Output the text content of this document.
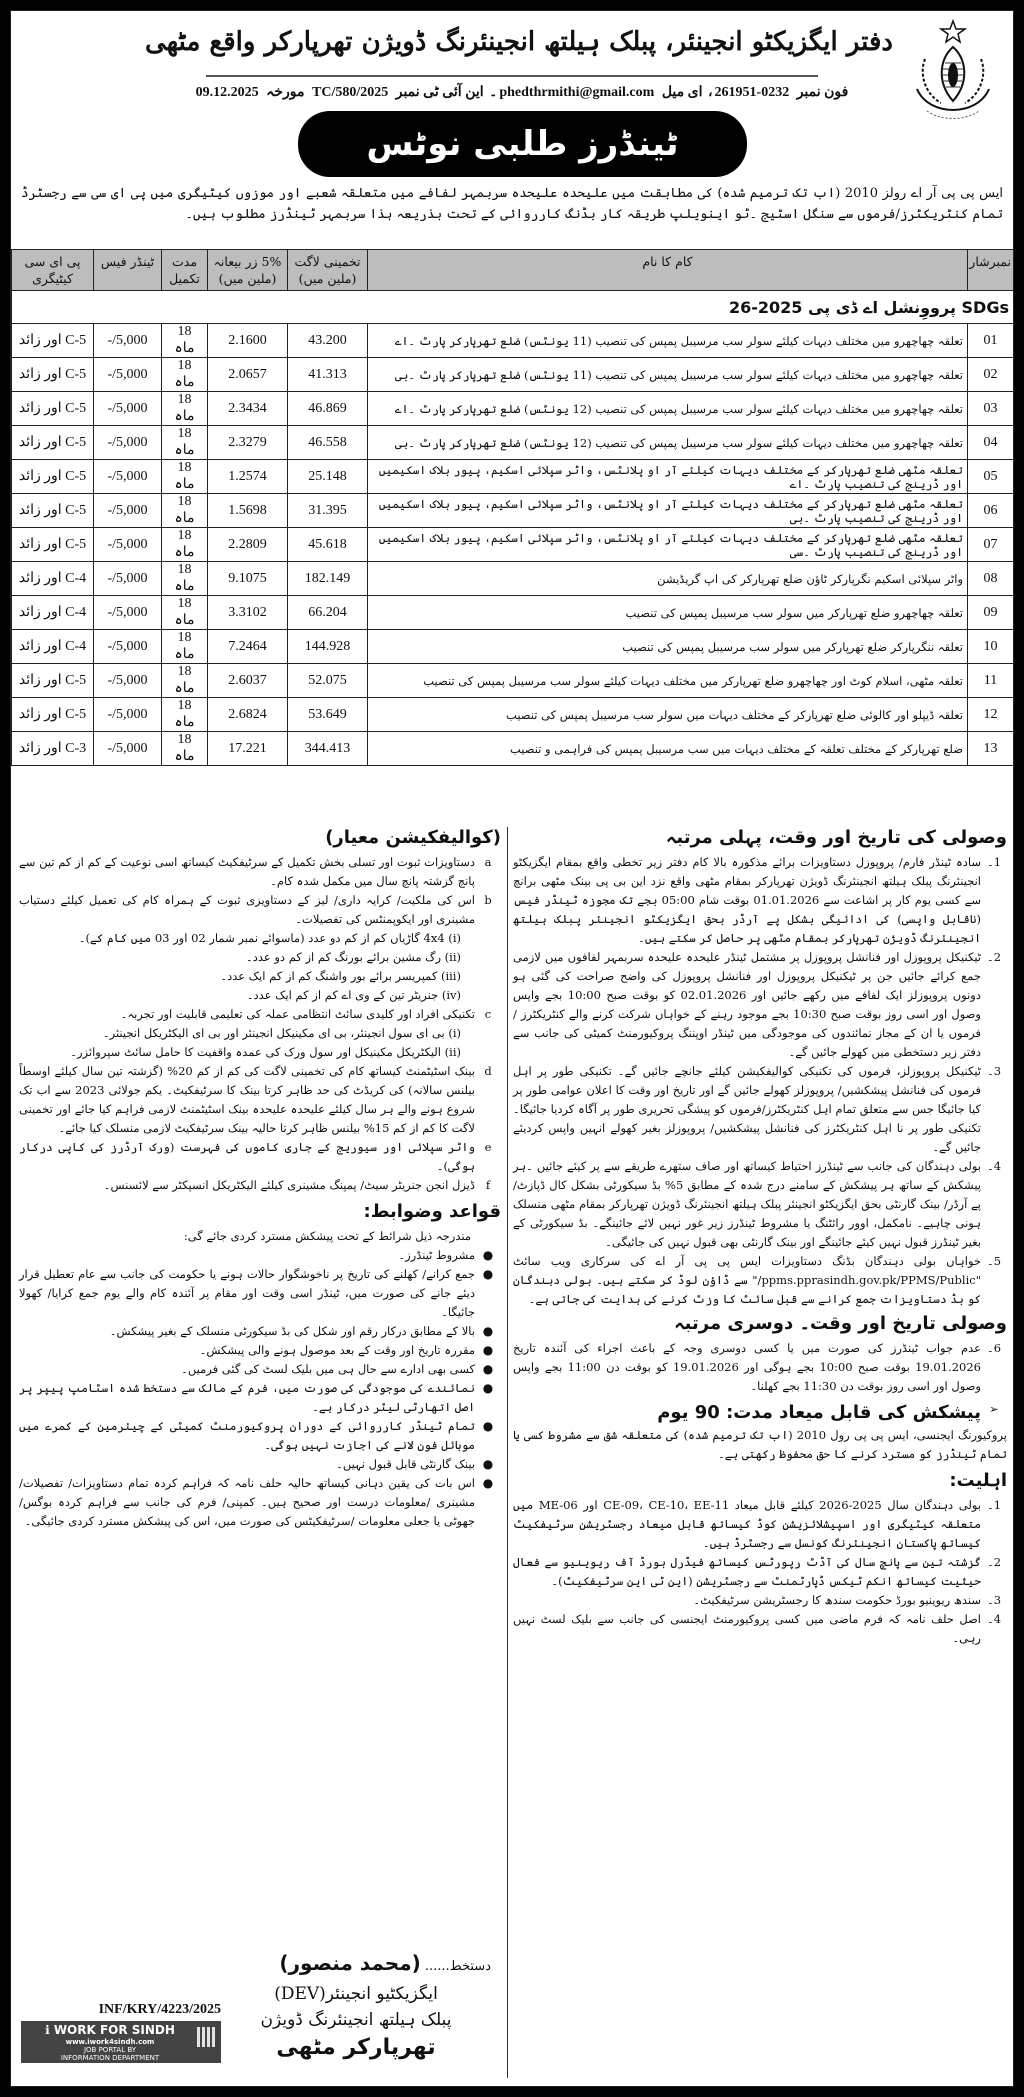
دفتر ایگزیکٹو انجینئر، پبلک ہیلتھ انجینئرنگ ڈویژن تھرپارکر واقع مٹھی
فون نمبر 0232-261951، ای میل phedthrmithi@gmail.com۔ این آئی ٹی نمبر TC/580/2025 مورخہ 09.12.2025
ٹینڈرز طلبی نوٹس
ایس پی پی آر اے رولز 2010 (اب تک ترمیم شدہ) کی مطابقت میں علیحدہ علیحدہ سربمہر لفافے میں متعلقہ شعبے اور موزوں کیٹیگری میں پی ای سی سے رجسٹرڈ تمام کنٹریکٹرز/فرموں سے سنگل اسٹیج ۔ٹو اینویلپ طریقہ کار بڈنگ کارروائی کے تحت بذریعہ ہذا سربمہر ٹینڈرز مطلوب ہیں۔
نمبرشار	کام کا نام	تخمینی لاگت (ملین میں)	5% زر بیعانہ (ملین میں)	مدت تکمیل	ٹینڈر فیس	پی ای سی کیٹیگری
SDGs پرووِنشل اے ڈی پی 2025-26						
01	تعلقہ چھاچھرو میں مختلف دیہات کیلئے سولر سب مرسیبل پمپس کی تنصیب (11 یونٹس) ضلع تھرپارکر پارٹ ۔اے	43.200	2.1600	18 ماہ	5,000/-	C-5 اور زائد
02	تعلقہ چھاچھرو میں مختلف دیہات کیلئے سولر سب مرسیبل پمپس کی تنصیب (11 یونٹس) ضلع تھرپارکر پارٹ ۔بی	41.313	2.0657	18 ماہ	5,000/-	C-5 اور زائد
03	تعلقہ چھاچھرو میں مختلف دیہات کیلئے سولر سب مرسیبل پمپس کی تنصیب (12 یونٹس) ضلع تھرپارکر پارٹ ۔اے	46.869	2.3434	18 ماہ	5,000/-	C-5 اور زائد
04	تعلقہ چھاچھرو میں مختلف دیہات کیلئے سولر سب مرسیبل پمپس کی تنصیب (12 یونٹس) ضلع تھرپارکر پارٹ ۔بی	46.558	2.3279	18 ماہ	5,000/-	C-5 اور زائد
05	تعلقہ مٹھی ضلع تھرپارکر کے مختلف دیہات کیلئے آر او پلانٹس، واٹر سپلائی اسکیم، پیور بلاک اسکیمیں اور ڈرینج کی تنصیب پارٹ ۔اے	25.148	1.2574	18 ماہ	5,000/-	C-5 اور زائد
06	تعلقہ مٹھی ضلع تھرپارکر کے مختلف دیہات کیلئے آر او پلانٹس، واٹر سپلائی اسکیم، پیور بلاک اسکیمیں اور ڈرینج کی تنصیب پارٹ ۔بی	31.395	1.5698	18 ماہ	5,000/-	C-5 اور زائد
07	تعلقہ مٹھی ضلع تھرپارکر کے مختلف دیہات کیلئے آر او پلانٹس، واٹر سپلائی اسکیم، پیور بلاک اسکیمیں اور ڈرینج کی تنصیب پارٹ ۔سی	45.618	2.2809	18 ماہ	5,000/-	C-5 اور زائد
08	واٹر سپلائی اسکیم نگرپارکر ٹاؤن ضلع تھرپارکر کی اپ گریڈیشن	182.149	9.1075	18 ماہ	5,000/-	C-4 اور زائد
09	تعلقہ چھاچھرو ضلع تھرپارکر میں سولر سب مرسیبل پمپس کی تنصیب	66.204	3.3102	18 ماہ	5,000/-	C-4 اور زائد
10	تعلقہ ننگرپارکر ضلع تھرپارکر میں سولر سب مرسیبل پمپس کی تنصیب	144.928	7.2464	18 ماہ	5,000/-	C-4 اور زائد
11	تعلقہ مٹھی، اسلام کوٹ اور چھاچھرو ضلع تھرپارکر میں مختلف دیہات کیلئے سولر سب مرسیبل پمپس کی تنصیب	52.075	2.6037	18 ماہ	5,000/-	C-5 اور زائد
12	تعلقہ ڈیپلو اور کالوئی ضلع تھرپارکر کے مختلف دیہات میں سولر سب مرسیبل پمپس کی تنصیب	53.649	2.6824	18 ماہ	5,000/-	C-5 اور زائد
13	ضلع تھرپارکر کے مختلف تعلقہ کے مختلف دیہات میں سب مرسیبل پمپس کی فراہمی و تنصیب	344.413	17.221	18 ماہ	5,000/-	C-3 اور زائد
وصولی کی تاریخ اور وقت، پہلی مرتبہ
1۔
سادہ ٹینڈر فارم/ پروپوزل دستاویزات برائے مذکورہ بالا کام دفتر زیر تخطی واقع بمقام ایگزیکٹو انجینئرنگ پبلک ہیلتھ انجینئرنگ ڈویژن تھرپارکر بمقام مٹھی واقع نزد این بی پی بینک مٹھی برانچ سے کسی یوم کار پر اشاعت سے 01.01.2026 بوقت شام 05:00 بجے تک مجوزہ ٹینڈر فیس (ناقابل واپسی) کی ادائیگی بشکل پے آرڈر بحق ایگزیکٹو انجینئر پبلک ہیلتھ انجینئرنگ ڈویژن تھرپارکر بمقام مٹھی پر حاصل کر سکتے ہیں۔
2۔
ٹیکنیکل پروپوزل اور فنانشل پروپوزل پر مشتمل ٹینڈر علیحدہ علیحدہ سربمہر لفافوں میں لازمی جمع کرائے جائیں جن پر ٹیکنیکل پروپوزل اور فنانشل پروپوزل کی واضح صراحت کی گئی ہو دونوں پروپوزلز ایک لفافے میں رکھے جائیں اور 02.01.2026 کو بوقت صبح 10:00 بجے واپس وصول اور اسی روز بوقت صبح 10:30 بجے موجود رہنے کے خواہاں شرکت کرنے والے کنٹریکٹرز /فرموں یا ان کے مجاز نمائندوں کی موجودگی میں ٹینڈر اوپننگ پروکیورمنٹ کمیٹی کی جانب سے دفتر زیر دستخطی میں کھولے جائیں گے۔
3۔
ٹیکنیکل پروپوزلز، فرموں کی تکنیکی کوالیفکیشن کیلئے جانچے جائیں گے۔ تکنیکی طور پر اہل فرموں کی فنانشل پیشکشیں/ پروپوزلز کھولے جائیں گے اور تاریخ اور وقت کا اعلان عوامی طور پر کیا جائیگا جس سے متعلق تمام اہل کنٹریکٹرز/فرموں کو پیشگی تحریری طور پر آگاہ کردیا جائیگا۔ تکنیکی طور پر نا اہل کنٹریکٹرز کی فنانشل پیشکشیں/ پروپوزلز بغیر کھولے انہیں واپس کردیئے جائیں گے۔
4۔
بولی دہندگان کی جانب سے ٹینڈرز احتیاط کیساتھ اور صاف ستھرے طریقے سے پر کیئے جائیں ۔ہر پیشکش کے ساتھ ہر پیشکش کے سامنے درج شدہ کے مطابق 5% بڈ سیکورٹی بشکل کال ڈپازٹ/ پے آرڈر/ بینک گارنٹی بحق ایگزیکٹو انجینئر پبلک ہیلتھ انجینئرنگ ڈویژن تھرپارکر بمقام مٹھی منسلک ہونی چاہیے۔ نامکمل، اوور رائٹنگ یا مشروط ٹینڈرز زیر غور نہیں لائے جائینگے۔ بڈ سیکورٹی کے بغیر ٹینڈرز قبول نہیں کیئے جائینگے اور بینک گارنٹی بھی قبول نہیں کی جائیگی۔
5۔
خواہاں بولی دہندگان بڈنگ دستاویزات ایس پی پی آر اے کی سرکاری ویب سائٹ "ppms.pprasindh.gov.pk/PPMS/Public/" سے ڈاؤن لوڈ کر سکتے ہیں۔ بولی دہندگان کو بڈ دستاویزات جمع کرانے سے قبل سائٹ کا وزٹ کرنے کی ہدایت کی جاتی ہے۔
وصولی تاریخ اور وقت۔ دوسری مرتبہ
6۔
عدم جواب ٹینڈرز کی صورت میں یا کسی دوسری وجہ کے باعث اجراء کی آئندہ تاریخ 19.01.2026 بوقت صبح 10:00 بجے ہوگی اور 19.01.2026 کو بوقت دن 11:00 بجے واپس وصول اور اسی روز بوقت دن 11:30 بجے کھلنا۔
➢
پیشکش کی قابل میعاد مدت: 90 یوم
پروکیورنگ ایجنسی، ایس پی پی رول 2010 (اب تک ترمیم شدہ) کی متعلقہ شق سے مشروط کسی یا تمام ٹینڈرز کو مسترد کرنے کا حق محفوظ رکھتی ہے۔
اہلیت:
1۔
بولی دہندگان سال 2025-2026 کیلئے قابل میعاد CE-09، CE-10، EE-11 اور ME-06 میں متعلقہ کیٹیگری اور اسپیشلائزیشن کوڈ کیساتھ قابل میعاد رجسٹریشن سرٹیفکیٹ کیساتھ پاکستان انجینئرنگ کونسل سے رجسٹرڈ ہیں۔
2۔
گزشتہ تین سے پانچ سال کی آڈٹ رپورٹس کیساتھ فیڈرل بورڈ آف ریوینیو سے فعال حیثیت کیساتھ انکم ٹیکس ڈپارٹمنٹ سے رجسٹریشن (این ٹی این سرٹیفکیٹ)۔
3۔
سندھ ریوینیو بورڈ حکومت سندھ کا رجسٹریشن سرٹیفکیٹ۔
4۔
اصل حلف نامہ کہ فرم ماضی میں کسی پروکیورمنٹ ایجنسی کی جانب سے بلیک لسٹ نہیں رہی۔
(کوالیفکیشن معیار)
a
دستاویزات ثبوت اور تسلی بخش تکمیل کے سرٹیفکیٹ کیساتھ اسی نوعیت کے کم از کم تین سے پانچ گزشتہ پانچ سال میں مکمل شدہ کام۔
b
اس کی ملکیت/ کرایہ داری/ لیز کے دستاویزی ثبوت کے ہمراہ کام کی تعمیل کیلئے دستیاب مشینری اور ایکوپمنٹس کی تفصیلات۔
(i) 4x4 گاڑیاں کم از کم دو عدد (ماسوائے نمبر شمار 02 اور 03 میں کام کے)۔
(ii) رگ مشین برائے بورنگ کم از کم دو عدد۔
(iii) کمپریسر برائے بور واشنگ کم از کم ایک عدد۔
(iv) جنریٹر تین کے وی اے کم از کم ایک عدد۔
c
تکنیکی افراد اور کلیدی سائٹ انتظامی عملہ کی تعلیمی قابلیت اور تجربہ۔
(i) بی ای سول انجینئر، بی ای مکینیکل انجینئر اور بی ای الیکٹریکل انجینئر۔
(ii) الیکٹریکل مکینیکل اور سول ورک کی عمدہ واقفیت کا حامل سائٹ سپروائزر۔
d
بینک اسٹیٹمنٹ کیساتھ کام کی تخمینی لاگت کی کم از کم 20% (گزشتہ تین سال کیلئے اوسطاً بیلنس سالانہ) کی کریڈٹ کی حد ظاہر کرتا بینک کا سرٹیفکیٹ۔ یکم جولائی 2023 سے اب تک شروع ہونے والے ہر سال کیلئے علیحدہ علیحدہ بینک اسٹیٹمنٹ لازمی فراہم کیا جائے اور تخمینی لاگت کا کم از کم 15% بیلنس ظاہر کرتا حالیہ بینک سرٹیفکیٹ لازمی منسلک کیا جائے۔
e
واٹر سپلائی اور سیوریج کے جاری کاموں کی فہرست (ورک آرڈرز کی کاپی درکار ہوگی)۔
f
ڈیزل انجن جنریٹر سیٹ/ پمپنگ مشینری کیلئے الیکٹریکل انسپکٹر سے لائسنس۔
قواعد وضوابط:
مندرجہ ذیل شرائط کے تحت پیشکش مسترد کردی جائے گی:
●
مشروط ٹینڈرز۔
●
جمع کرانے/ کھلنے کی تاریخ پر ناخوشگوار حالات ہونے یا حکومت کی جانب سے عام تعطیل قرار دیئے جانے کی صورت میں، ٹینڈر اسی وقت اور مقام پر آئندہ کام والے یوم جمع کرایا/ کھولا جائیگا۔
●
بالا کے مطابق درکار رقم اور شکل کی بڈ سیکورٹی منسلک کے بغیر پیشکش۔
●
مقررہ تاریخ اور وقت کے بعد موصول ہونے والی پیشکش۔
●
کسی بھی ادارے سے حال ہی میں بلیک لسٹ کی گئی فرمیں۔
●
نمائندے کی موجودگی کی صورت میں، فرم کے مالک سے دستخط شدہ اسٹامپ پیپر پر اصل اتھارٹی لیٹر درکار ہے۔
●
تمام ٹینڈر کارروائی کے دوران پروکیورمنٹ کمیٹی کے چیئرمین کے کمرے میں موبائل فون لانے کی اجازت نہیں ہوگی۔
●
بینک گارنٹی قابل قبول نہیں۔
●
اس بات کی یقین دہانی کیساتھ حالیہ حلف نامہ کہ فراہم کردہ تمام دستاویزات/ تفصیلات/ مشینری /معلومات درست اور صحیح ہیں۔ کمپنی/ فرم کی جانب سے فراہم کردہ بوگس/ جھوٹی یا جعلی معلومات /سرٹیفکیٹس کی صورت میں، اس کی پیشکش مسترد کردی جائیگی۔
دستخط...... (محمد منصور)
ایگزیکٹیو انجینئر(DEV)
پبلک ہیلتھ انجینئرنگ ڈویژن
تھرپارکر مٹھی
INF/KRY/4223/2025
ℹ WORK FOR SINDH
www.iwork4sindh.com
JOB PORTAL BY
INFORMATION DEPARTMENT
